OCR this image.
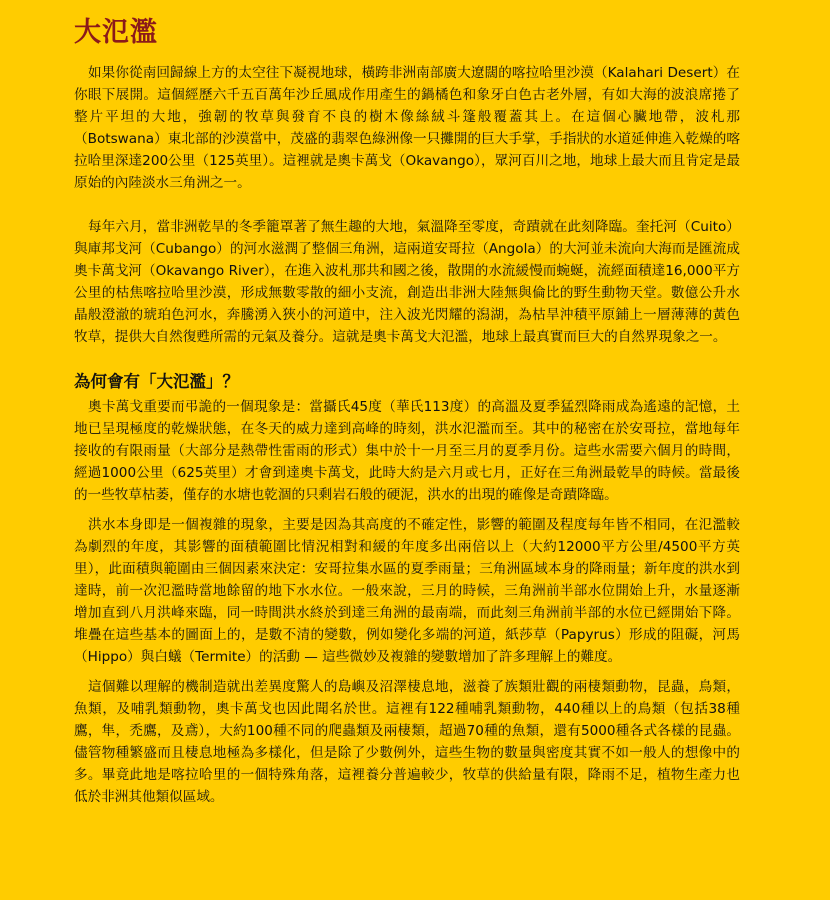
大氾濫

如果你從南回歸線上方的太空往下凝視地球，橫跨非洲南部廣大遼闊的喀拉哈里沙漠（Kalahari Desert）在你眼下展開。這個經歷六千五百萬年沙丘風成作用產生的鍋橘色和象牙白色古老外層，有如大海的波浪席捲了整片平坦的大地，強韌的牧草與發育不良的樹木像絲絨斗篷般覆蓋其上。在這個心臟地帶，波札那（Botswana）東北部的沙漠當中，茂盛的翡翠色綠洲像一只攤開的巨大手掌，手指狀的水道延伸進入乾燥的喀拉哈里深達200公里（125英里）。這裡就是奧卡萬戈（Okavango），眾河百川之地，地球上最大而且肯定是最原始的內陸淡水三角洲之一。

每年六月，當非洲乾旱的冬季籠罩著了無生趣的大地，氣溫降至零度，奇蹟就在此刻降臨。奎托河（Cuito）與庫邦戈河（Cubango）的河水滋潤了整個三角洲，這兩道安哥拉（Angola）的大河並未流向大海而是匯流成奧卡萬戈河（Okavango River），在進入波札那共和國之後，散開的水流緩慢而蜿蜒，流經面積達16,000平方公里的枯焦喀拉哈里沙漠，形成無數零散的細小支流，創造出非洲大陸無與倫比的野生動物天堂。數億公升水晶般澄澈的琥珀色河水，奔騰湧入狹小的河道中，注入波光閃耀的潟湖，為枯旱沖積平原鋪上一層薄薄的黃色牧草，提供大自然復甦所需的元氣及養分。這就是奧卡萬戈大氾濫，地球上最真實而巨大的自然界現象之一。

為何會有「大氾濫」？

奧卡萬戈重要而弔詭的一個現象是：當攝氏45度（華氏113度）的高溫及夏季猛烈降雨成為遙遠的記憶，土地已呈現極度的乾燥狀態，在冬天的威力達到高峰的時刻，洪水氾濫而至。其中的秘密在於安哥拉，當地每年接收的有限雨量（大部分是熱帶性雷雨的形式）集中於十一月至三月的夏季月份。這些水需要六個月的時間，經過1000公里（625英里）才會到達奧卡萬戈，此時大約是六月或七月，正好在三角洲最乾旱的時候。當最後的一些牧草枯萎，僅存的水塘也乾涸的只剩岩石般的硬泥，洪水的出現的確像是奇蹟降臨。

洪水本身即是一個複雜的現象，主要是因為其高度的不確定性，影響的範圍及程度每年皆不相同，在氾濫較為劇烈的年度，其影響的面積範圍比情況相對和緩的年度多出兩倍以上（大約12000平方公里/4500平方英里），此面積與範圍由三個因素來決定：安哥拉集水區的夏季雨量；三角洲區域本身的降雨量；新年度的洪水到達時，前一次氾濫時當地餘留的地下水水位。一般來說，三月的時候，三角洲前半部水位開始上升，水量逐漸增加直到八月洪峰來臨，同一時間洪水終於到達三角洲的最南端，而此刻三角洲前半部的水位已經開始下降。堆疊在這些基本的圖面上的，是數不清的變數，例如變化多端的河道，紙莎草（Papyrus）形成的阻礙，河馬（Hippo）與白蟻（Termite）的活動 — 這些微妙及複雜的變數增加了許多理解上的難度。

這個難以理解的機制造就出差異度驚人的島嶼及沼澤棲息地，滋養了族類壯觀的兩棲類動物，昆蟲，鳥類，魚類，及哺乳類動物，奧卡萬戈也因此聞名於世。這裡有122種哺乳類動物，440種以上的鳥類（包括38種鷹，隼，禿鷹，及鳶），大約100種不同的爬蟲類及兩棲類，超過70種的魚類，還有5000種各式各樣的昆蟲。儘管物種繁盛而且棲息地極為多樣化，但是除了少數例外，這些生物的數量與密度其實不如一般人的想像中的多。畢竟此地是喀拉哈里的一個特殊角落，這裡養分普遍較少，牧草的供給量有限，降雨不足，植物生產力也低於非洲其他類似區域。
